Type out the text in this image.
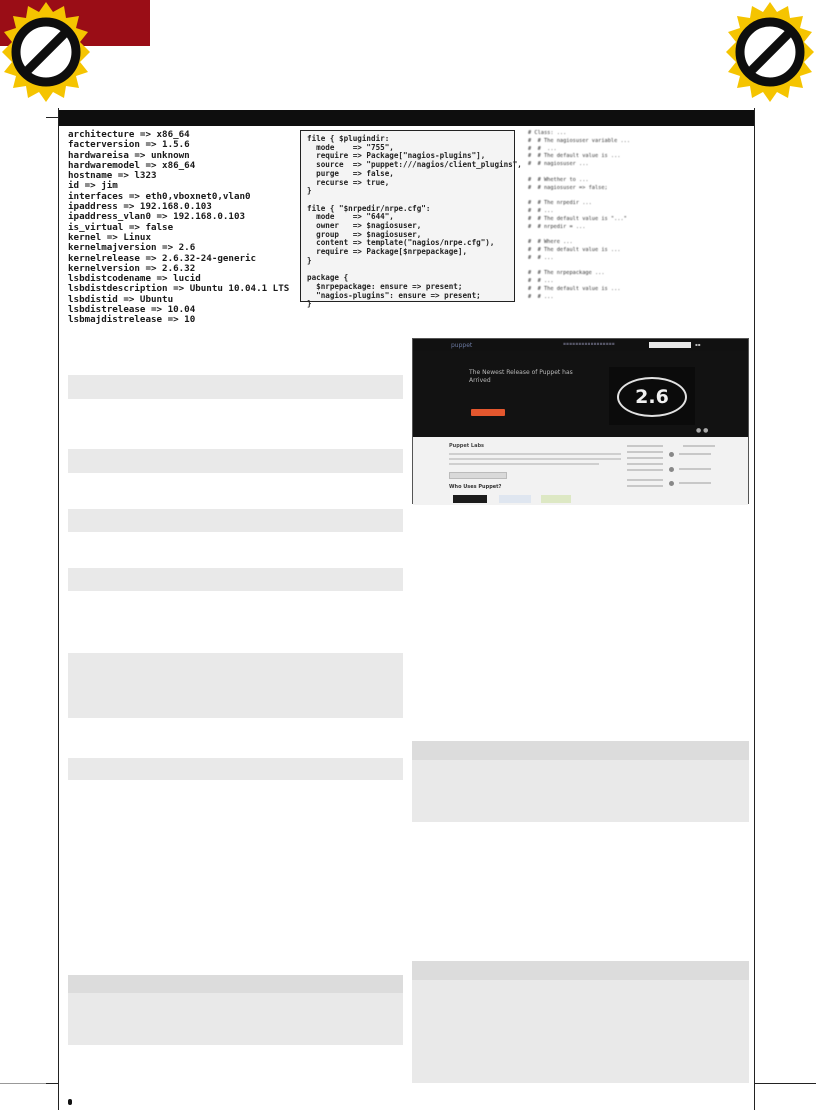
architecture => x86_64
facterversion => 1.5.6
hardwareisa => unknown
hardwaremodel => x86_64
hostname => l323
id => jim
interfaces => eth0,vboxnet0,vlan0
ipaddress => 192.168.0.103
ipaddress_vlan0 => 192.168.0.103
is_virtual => false
kernel => Linux
kernelmajversion => 2.6
kernelrelease => 2.6.32-24-generic
kernelversion => 2.6.32
lsbdistcodename => lucid
lsbdistdescription => Ubuntu 10.04.1 LTS
lsbdistid => Ubuntu
lsbdistrelease => 10.04
lsbmajdistrelease => 10
file { $plugindir:
mode    => "755",
require => Package["nagios-plugins"],
source  => "puppet:///nagios/client_plugins",
purge   => false,
recurse => true,
}

file { "$nrpedir/nrpe.cfg":
mode    => "644",
owner   => $nagiosuser,
group   => $nagiosuser,
content => template("nagios/nrpe.cfg"),
require => Package[$nrpepackage],
}

package {
$nrpepackage: ensure => present;
"nagios-plugins": ensure => present;
}
# Class: ...
#  # The nagiosuser variable ...
#  #  ...
#  # The default value is ...
#  # nagiosuser ...

#  # Whether to ...
#  # nagiosuser => false;

#  # The nrpedir ...
#  # ...
#  # The default value is "..."
#  # nrpedir = ...

#  # Where ...
#  # The default value is ...
#  # ...

#  # The nrpepackage ...
#  # ...
#  # The default value is ...
#  # ...
puppet	▪▪▪▪▪▪▪▪▪▪▪▪▪▪▪▪▪	▪▪
The Newest Release of Puppet has Arrived
2.6
● ●
Puppet Labs
Who Uses Puppet?
